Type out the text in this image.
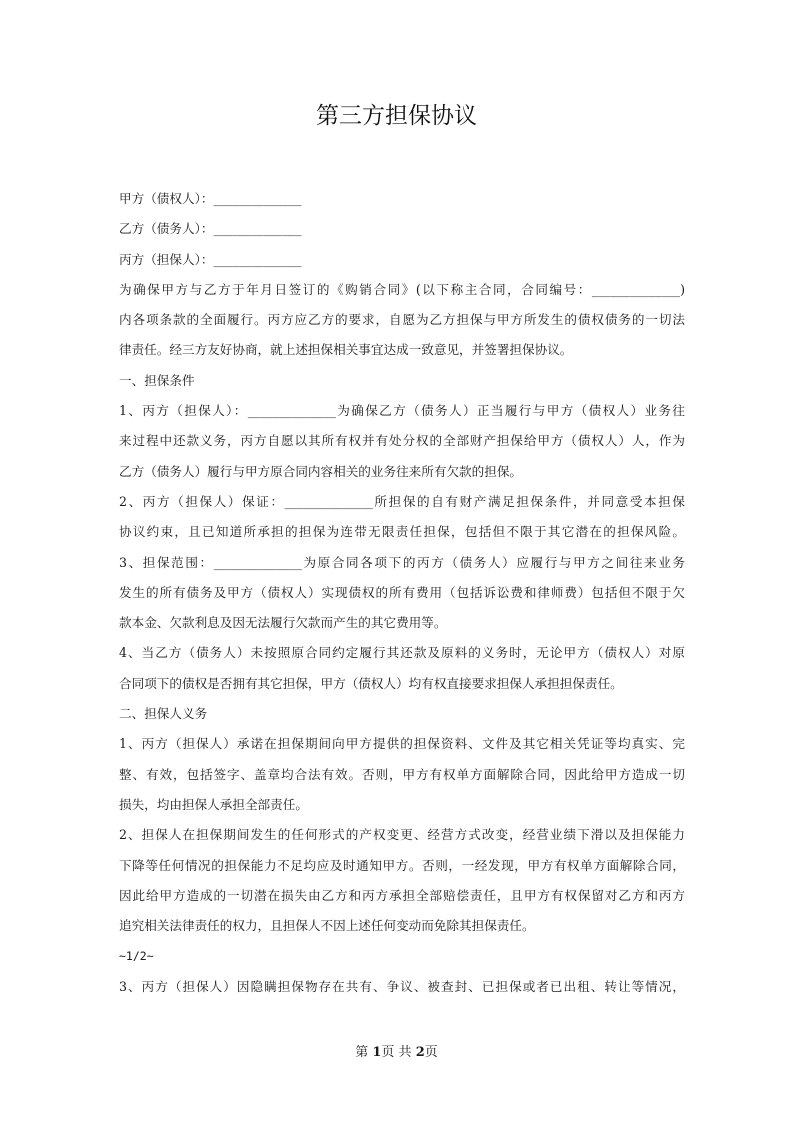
第三方担保协议
甲方（债权人）：______________
乙方（债务人）：______________
丙方（担保人）：______________
为确保甲方与乙方于年月日签订的《购销合同》(以下称主合同，合同编号：______________)
内各项条款的全面履行。丙方应乙方的要求，自愿为乙方担保与甲方所发生的债权债务的一切法
律责任。经三方友好协商，就上述担保相关事宜达成一致意见，并签署担保协议。
一、担保条件
1、丙方（担保人）：______________为确保乙方（债务人）正当履行与甲方（债权人）业务往
来过程中还款义务，丙方自愿以其所有权并有处分权的全部财产担保给甲方（债权人）人，作为
乙方（债务人）履行与甲方原合同内容相关的业务往来所有欠款的担保。
2、丙方（担保人）保证：______________所担保的自有财产满足担保条件，并同意受本担保
协议约束，且已知道所承担的担保为连带无限责任担保，包括但不限于其它潜在的担保风险。
3、担保范围：______________为原合同各项下的丙方（债务人）应履行与甲方之间往来业务
发生的所有债务及甲方（债权人）实现债权的所有费用（包括诉讼费和律师费）包括但不限于欠
款本金、欠款利息及因无法履行欠款而产生的其它费用等。
4、当乙方（债务人）未按照原合同约定履行其还款及原料的义务时，无论甲方（债权人）对原
合同项下的债权是否拥有其它担保，甲方（债权人）均有权直接要求担保人承担担保责任。
二、担保人义务
1、丙方（担保人）承诺在担保期间向甲方提供的担保资料、文件及其它相关凭证等均真实、完
整、有效，包括签字、盖章均合法有效。否则，甲方有权单方面解除合同，因此给甲方造成一切
损失，均由担保人承担全部责任。
2、担保人在担保期间发生的任何形式的产权变更、经营方式改变，经营业绩下滑以及担保能力
下降等任何情况的担保能力不足均应及时通知甲方。否则，一经发现，甲方有权单方面解除合同，
因此给甲方造成的一切潜在损失由乙方和丙方承担全部赔偿责任，且甲方有权保留对乙方和丙方
追究相关法律责任的权力，且担保人不因上述任何变动而免除其担保责任。
~1/2~
3、丙方（担保人）因隐瞒担保物存在共有、争议、被查封、已担保或者已出租、转让等情况，
第 1页 共 2页
